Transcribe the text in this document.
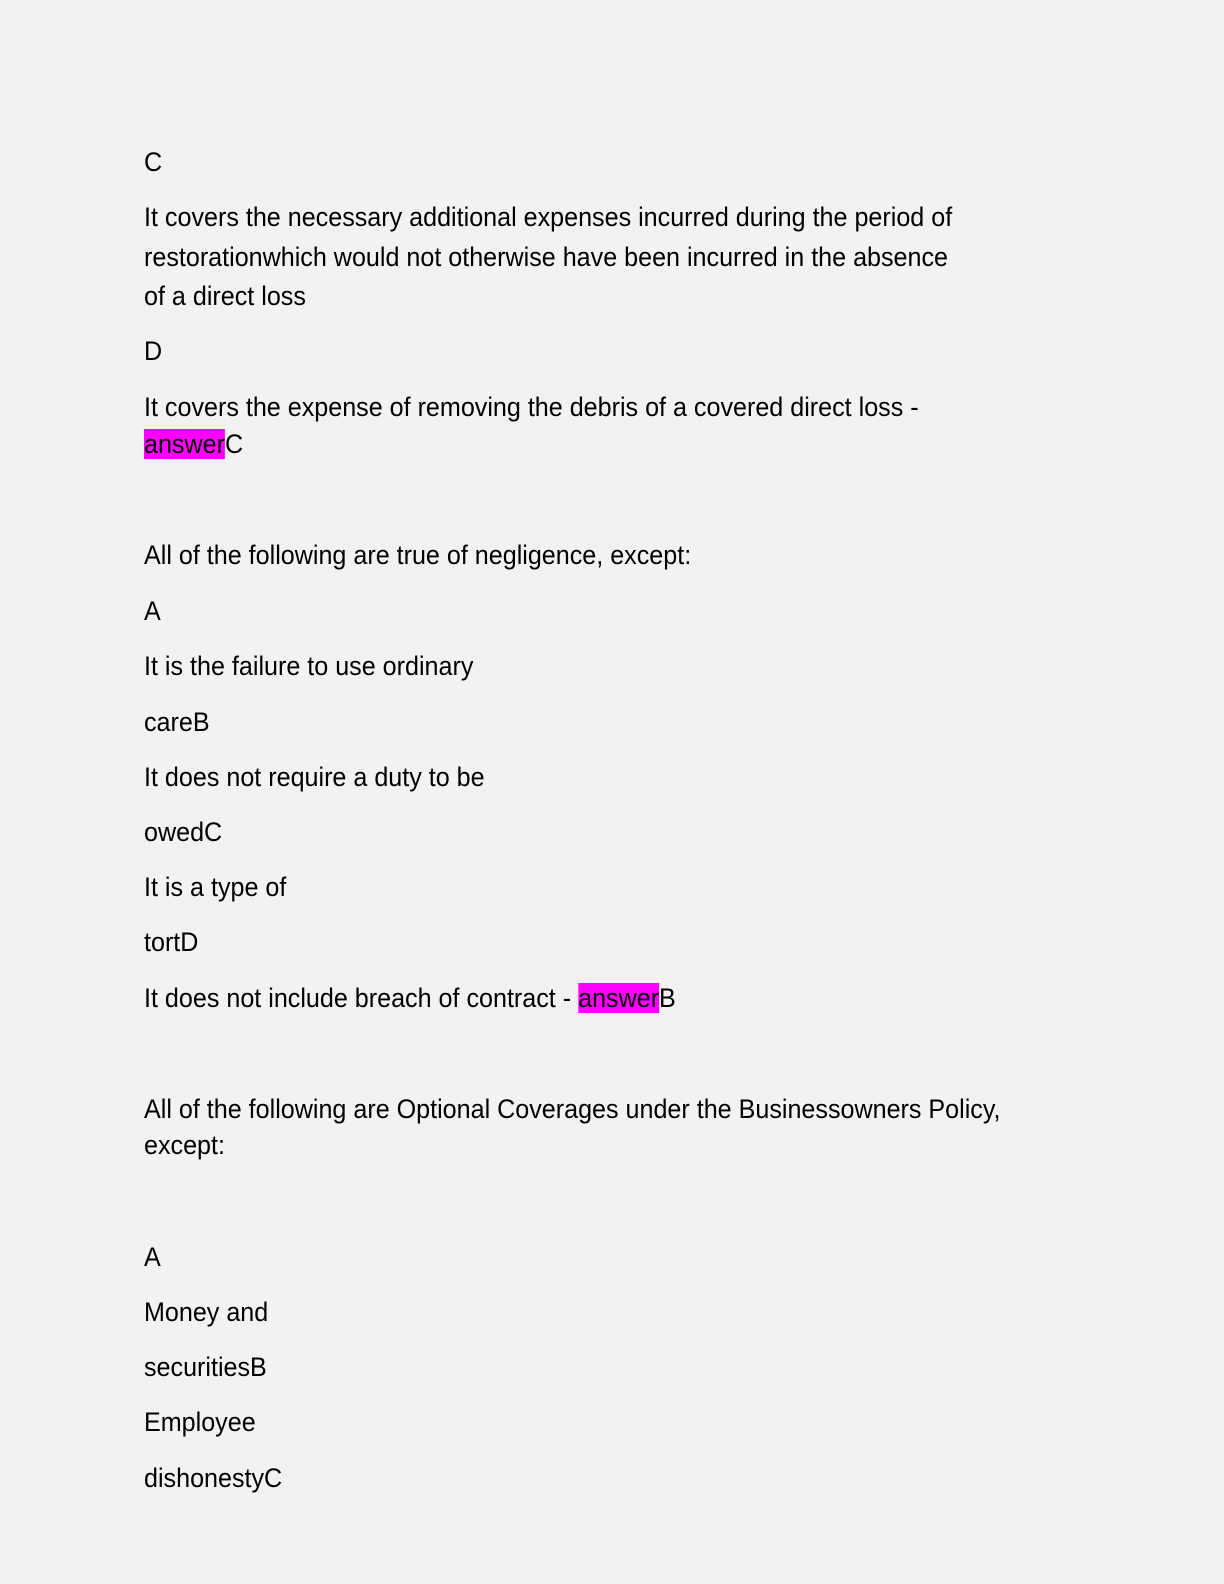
C
It covers the necessary additional expenses incurred during the period of
restorationwhich would not otherwise have been incurred in the absence
of a direct loss
D
It covers the expense of removing the debris of a covered direct loss -
answerC
All of the following are true of negligence, except:
A
It is the failure to use ordinary
careB
It does not require a duty to be
owedC
It is a type of
tortD
It does not include breach of contract - answerB
All of the following are Optional Coverages under the Businessowners Policy,
except:
A
Money and
securitiesB
Employee
dishonestyC
